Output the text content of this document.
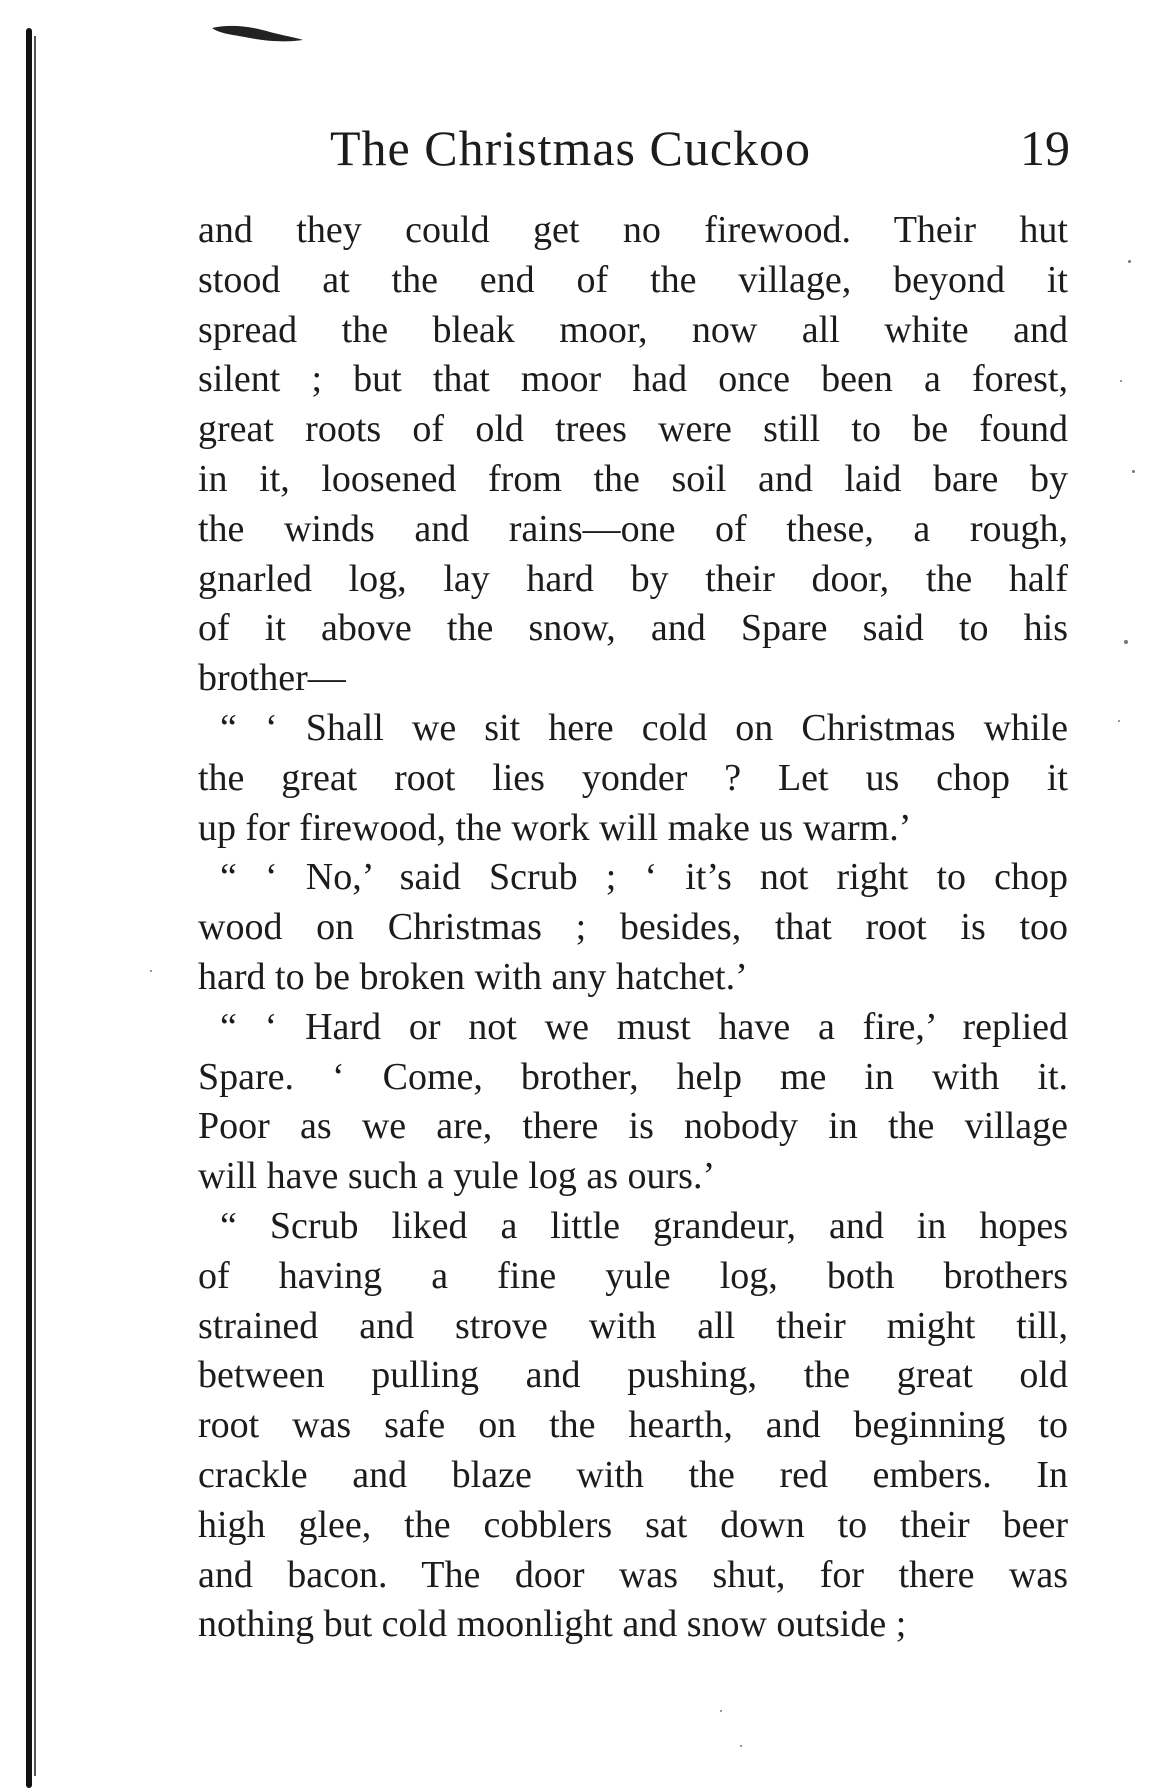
The Christmas Cuckoo	19
and they could get no firewood. Their hut
stood at the end of the village, beyond it
spread the bleak moor, now all white and
silent ; but that moor had once been a forest,
great roots of old trees were still to be found
in it, loosened from the soil and laid bare by
the winds and rains—one of these, a rough,
gnarled log, lay hard by their door, the half
of it above the snow, and Spare said to his
brother—
“ ‘ Shall we sit here cold on Christmas while
the great root lies yonder ? Let us chop it
up for firewood, the work will make us warm.’
“ ‘ No,’ said Scrub ; ‘ it’s not right to chop
wood on Christmas ; besides, that root is too
hard to be broken with any hatchet.’
“ ‘ Hard or not we must have a fire,’ replied
Spare. ‘ Come, brother, help me in with it.
Poor as we are, there is nobody in the village
will have such a yule log as ours.’
“ Scrub liked a little grandeur, and in hopes
of having a fine yule log, both brothers
strained and strove with all their might till,
between pulling and pushing, the great old
root was safe on the hearth, and beginning to
crackle and blaze with the red embers. In
high glee, the cobblers sat down to their beer
and bacon. The door was shut, for there was
nothing but cold moonlight and snow outside ;
